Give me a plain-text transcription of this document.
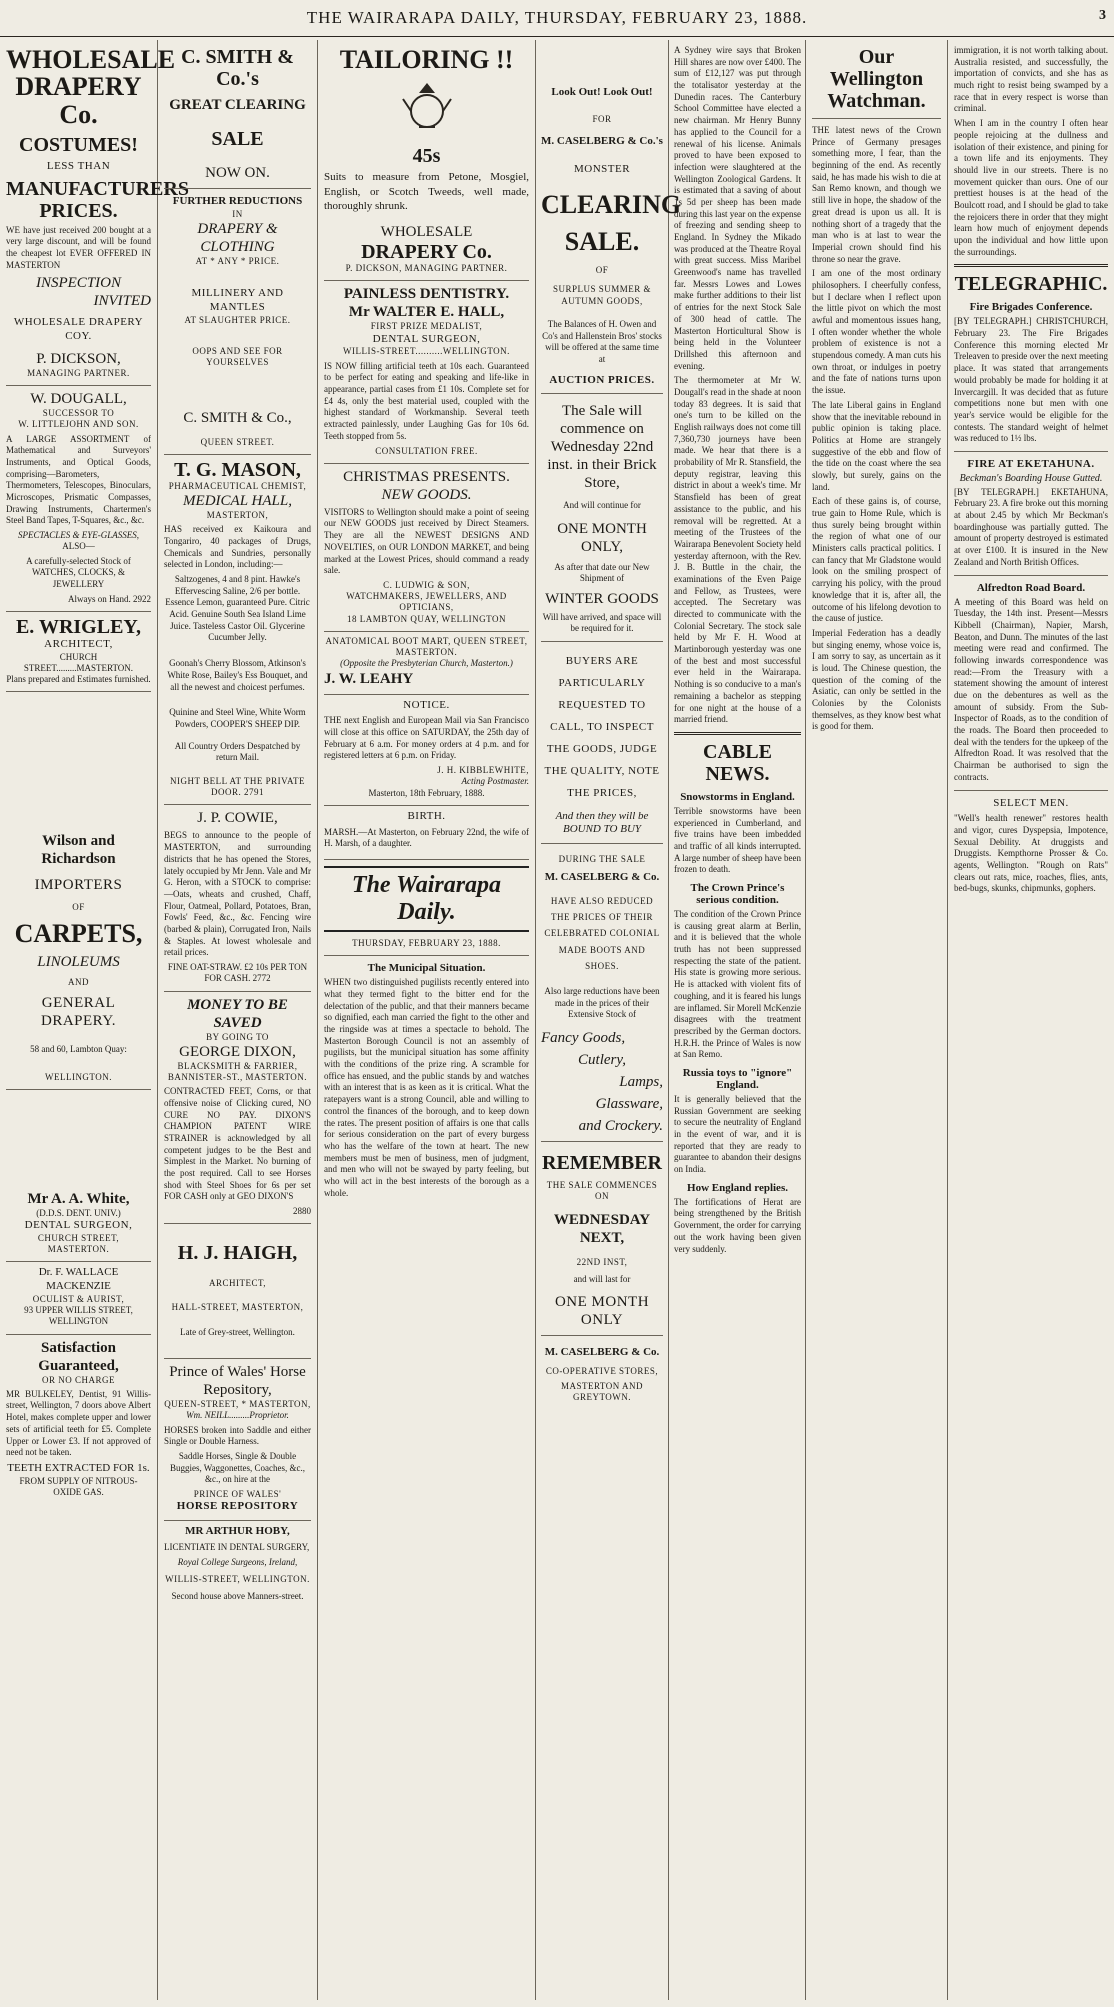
THE WAIRARAPA DAILY, THURSDAY, FEBRUARY 23, 1888.	3
WHOLESALE DRAPERY Co.
COSTUMES!
LESS THAN
MANUFACTURERS PRICES.
WE have just received 200 bought at a very large discount, and will be found the cheapest lot EVER OFFERED IN MASTERTON
INSPECTION
INVITED
WHOLESALE DRAPERY COY.
P. DICKSON,
MANAGING PARTNER.
W. DOUGALL,
SUCCESSOR TO
W. LITTLEJOHN AND SON.
A LARGE ASSORTMENT of Mathematical and Surveyors' Instruments, and Optical Goods, comprising—Barometers, Thermometers, Telescopes, Binoculars, Microscopes, Prismatic Compasses, Drawing Instruments, Chartermen's Steel Band Tapes, T-Squares, &c., &c.
SPECTACLES & EYE-GLASSES,
ALSO—
A carefully-selected Stock of WATCHES, CLOCKS, & JEWELLERY
Always on Hand. 2922
E. WRIGLEY,
ARCHITECT,
CHURCH STREET.........MASTERTON.
Plans prepared and Estimates furnished.
Wilson and Richardson
IMPORTERS
OF
CARPETS,
LINOLEUMS
AND
GENERAL DRAPERY.
58 and 60, Lambton Quay:
WELLINGTON.
Mr A. A. White,
(D.D.S. DENT. UNIV.)
DENTAL SURGEON,
CHURCH STREET, MASTERTON.
Dr. F. WALLACE MACKENZIE
OCULIST & AURIST,
93 UPPER WILLIS STREET, WELLINGTON
Satisfaction Guaranteed,
OR NO CHARGE
MR BULKELEY, Dentist, 91 Willis-street, Wellington, 7 doors above Albert Hotel, makes complete upper and lower sets of artificial teeth for £5. Complete Upper or Lower £3. If not approved of need not be taken.
TEETH EXTRACTED FOR 1s.
FROM SUPPLY OF NITROUS-OXIDE GAS.
C. SMITH & Co.'s
GREAT CLEARING
SALE
NOW ON.
FURTHER REDUCTIONS
IN
DRAPERY & CLOTHING
AT * ANY * PRICE.
MILLINERY AND MANTLES
AT SLAUGHTER PRICE.
OOPS AND SEE FOR YOURSELVES
C. SMITH & Co.,
QUEEN STREET.
T. G. MASON,
PHARMACEUTICAL CHEMIST,
MEDICAL HALL,
MASTERTON,
HAS received ex Kaikoura and Tongariro, 40 packages of Drugs, Chemicals and Sundries, personally selected in London, including:—
Saltzogenes, 4 and 8 pint. Hawke's Effervescing Saline, 2/6 per bottle. Essence Lemon, guaranteed Pure. Citric Acid. Genuine South Sea Island Lime Juice. Tasteless Castor Oil. Glycerine Cucumber Jelly.
Goonah's Cherry Blossom, Atkinson's White Rose, Bailey's Ess Bouquet, and all the newest and choicest perfumes.
Quinine and Steel Wine, White Worm Powders, COOPER'S SHEEP DIP.
All Country Orders Despatched by return Mail.
NIGHT BELL AT THE PRIVATE DOOR. 2791
J. P. COWIE,
BEGS to announce to the people of MASTERTON, and surrounding districts that he has opened the Stores, lately occupied by Mr Jenn. Vale and Mr G. Heron, with a STOCK to comprise:—Oats, wheats and crushed, Chaff, Flour, Oatmeal, Pollard, Potatoes, Bran, Fowls' Feed, &c., &c. Fencing wire (barbed & plain), Corrugated Iron, Nails & Staples. At lowest wholesale and retail prices.
FINE OAT-STRAW. £2 10s PER TON FOR CASH. 2772
MONEY TO BE SAVED
BY GOING TO
GEORGE DIXON,
BLACKSMITH & FARRIER,
BANNISTER-ST., MASTERTON.
CONTRACTED FEET, Corns, or that offensive noise of Clicking cured, NO CURE NO PAY. DIXON'S CHAMPION PATENT WIRE STRAINER is acknowledged by all competent judges to be the Best and Simplest in the Market. No burning of the post required. Call to see Horses shod with Steel Shoes for 6s per set FOR CASH only at GEO DIXON'S
2880
H. J. HAIGH,
ARCHITECT,
HALL-STREET, MASTERTON,
Late of Grey-street, Wellington.
Prince of Wales' Horse Repository,
QUEEN-STREET, * MASTERTON,
Wm. NEILL.........Proprietor.
HORSES broken into Saddle and either Single or Double Harness.
Saddle Horses, Single & Double Buggies, Waggonettes, Coaches, &c., &c., on hire at the
PRINCE OF WALES'
HORSE REPOSITORY
MR ARTHUR HOBY,
LICENTIATE IN DENTAL SURGERY,
Royal College Surgeons, Ireland,
WILLIS-STREET, WELLINGTON.
Second house above Manners-street.
TAILORING !!
45s
Suits to measure from Petone, Mosgiel, English, or Scotch Tweeds, well made, thoroughly shrunk.
WHOLESALE
DRAPERY Co.
P. DICKSON, MANAGING PARTNER.
PAINLESS DENTISTRY.
Mr WALTER E. HALL,
FIRST PRIZE MEDALIST,
DENTAL SURGEON,
WILLIS-STREET..........WELLINGTON.
IS NOW filling artificial teeth at 10s each. Guaranteed to be perfect for eating and speaking and life-like in appearance, partial cases from £1 10s. Complete set for £4 4s, only the best material used, coupled with the highest standard of Workmanship. Several teeth extracted painlessly, under Laughing Gas for 10s 6d. Teeth stopped from 5s.
CONSULTATION FREE.
CHRISTMAS PRESENTS.
NEW GOODS.
VISITORS to Wellington should make a point of seeing our NEW GOODS just received by Direct Steamers. They are all the NEWEST DESIGNS AND NOVELTIES, on OUR LONDON MARKET, and being marked at the Lowest Prices, should command a ready sale.
C. LUDWIG & SON,
WATCHMAKERS, JEWELLERS, AND OPTICIANS,
18 LAMBTON QUAY, WELLINGTON
ANATOMICAL BOOT MART, QUEEN STREET, MASTERTON.
(Opposite the Presbyterian Church, Masterton.)
J. W. LEAHY
NOTICE.
THE next English and European Mail via San Francisco will close at this office on SATURDAY, the 25th day of February at 6 a.m. For money orders at 4 p.m. and for registered letters at 6 p.m. on Friday.
J. H. KIBBLEWHITE,
Acting Postmaster.
Masterton, 18th February, 1888.
BIRTH.
MARSH.—At Masterton, on February 22nd, the wife of H. Marsh, of a daughter.
The Wairarapa Daily.
THURSDAY, FEBRUARY 23, 1888.
The Municipal Situation.
WHEN two distinguished pugilists recently entered into what they termed fight to the bitter end for the delectation of the public, and that their manners became so dignified, each man carried the fight to the other and the ringside was at times a spectacle to behold. The Masterton Borough Council is not an assembly of pugilists, but the municipal situation has some affinity with the conditions of the prize ring. A scramble for office has ensued, and the public stands by and watches with an interest that is as keen as it is critical. What the ratepayers want is a strong Council, able and willing to control the finances of the borough, and to keep down the rates. The present position of affairs is one that calls for serious consideration on the part of every burgess who has the welfare of the town at heart. The new members must be men of business, men of judgment, and men who will not be swayed by party feeling, but who will act in the best interests of the borough as a whole.
Look Out! Look Out!
FOR
M. CASELBERG & Co.'s
MONSTER
CLEARING
SALE.
OF
SURPLUS SUMMER & AUTUMN GOODS,
The Balances of H. Owen and Co's and Hallenstein Bros' stocks will be offered at the same time at
AUCTION PRICES.
The Sale will commence on Wednesday 22nd inst. in their Brick Store,
And will continue for
ONE MONTH ONLY,
As after that date our New Shipment of
WINTER GOODS
Will have arrived, and space will be required for it.
BUYERS ARE PARTICULARLY REQUESTED TO CALL, TO INSPECT THE GOODS, JUDGE THE QUALITY, NOTE THE PRICES,
And then they will be BOUND TO BUY
DURING THE SALE
M. CASELBERG & Co.
HAVE ALSO REDUCED THE PRICES OF THEIR CELEBRATED COLONIAL MADE BOOTS AND SHOES.
Also large reductions have been made in the prices of their Extensive Stock of
Fancy Goods,
Cutlery,
Lamps,
Glassware,
and Crockery.
REMEMBER
THE SALE COMMENCES ON
WEDNESDAY NEXT,
22ND INST,
and will last for
ONE MONTH ONLY
M. CASELBERG & Co.
CO-OPERATIVE STORES,
MASTERTON AND GREYTOWN.
A Sydney wire says that Broken Hill shares are now over £400. The sum of £12,127 was put through the totalisator yesterday at the Dunedin races. The Canterbury School Committee have elected a new chairman. Mr Henry Bunny has applied to the Council for a renewal of his license. Animals proved to have been exposed to infection were slaughtered at the Wellington Zoological Gardens. It is estimated that a saving of about 1s 5d per sheep has been made during this last year on the expense of freezing and sending sheep to England. In Sydney the Mikado was produced at the Theatre Royal with great success. Miss Maribel Greenwood's name has travelled far. Messrs Lowes and Lowes make further additions to their list of entries for the next Stock Sale of 300 head of cattle. The Masterton Horticultural Show is being held in the Volunteer Drillshed this afternoon and evening.
The thermometer at Mr W. Dougall's read in the shade at noon today 83 degrees. It is said that one's turn to be killed on the English railways does not come till 7,360,730 journeys have been made. We hear that there is a probability of Mr R. Stansfield, the deputy registrar, leaving this district in about a week's time. Mr Stansfield has been of great assistance to the public, and his removal will be regretted. At a meeting of the Trustees of the Wairarapa Benevolent Society held yesterday afternoon, with the Rev. J. B. Buttle in the chair, the examinations of the Even Paige and Fellow, as Trustees, were accepted. The Secretary was directed to communicate with the Colonial Secretary. The stock sale held by Mr F. H. Wood at Martinborough yesterday was one of the best and most successful ever held in the Wairarapa. Nothing is so conducive to a man's remaining a bachelor as stepping for one night at the house of a married friend.
CABLE NEWS.
Snowstorms in England.
Terrible snowstorms have been experienced in Cumberland, and five trains have been imbedded and traffic of all kinds interrupted. A large number of sheep have been frozen to death.
The Crown Prince's serious condition.
The condition of the Crown Prince is causing great alarm at Berlin, and it is believed that the whole truth has not been suppressed respecting the state of the patient. His state is growing more serious. He is attacked with violent fits of coughing, and it is feared his lungs are inflamed. Sir Morell McKenzie disagrees with the treatment prescribed by the German doctors. H.R.H. the Prince of Wales is now at San Remo.
Russia toys to "ignore" England.
It is generally believed that the Russian Government are seeking to secure the neutrality of England in the event of war, and it is reported that they are ready to guarantee to abandon their designs on India.
How England replies.
The fortifications of Herat are being strengthened by the British Government, the order for carrying out the work having been given very suddenly.
Our Wellington Watchman.
THE latest news of the Crown Prince of Germany presages something more, I fear, than the beginning of the end. As recently said, he has made his wish to die at San Remo known, and though we still live in hope, the shadow of the great dread is upon us all. It is nothing short of a tragedy that the man who is at last to wear the Imperial crown should find his throne so near the grave.
I am one of the most ordinary philosophers. I cheerfully confess, but I declare when I reflect upon the little pivot on which the most awful and momentous issues hang, I often wonder whether the whole problem of existence is not a stupendous comedy. A man cuts his own throat, or indulges in poetry and the fate of nations turns upon the issue.
The late Liberal gains in England show that the inevitable rebound in public opinion is taking place. Politics at Home are strangely suggestive of the ebb and flow of the tide on the coast where the sea slowly, but surely, gains on the land.
Each of these gains is, of course, true gain to Home Rule, which is thus surely being brought within the region of what one of our Ministers calls practical politics. I can fancy that Mr Gladstone would look on the smiling prospect of carrying his policy, with the proud knowledge that it is, after all, the outcome of his lifelong devotion to the cause of justice.
Imperial Federation has a deadly but singing enemy, whose voice is, I am sorry to say, as uncertain as it is loud. The Chinese question, the question of the coming of the Asiatic, can only be settled in the Colonies by the Colonists themselves, as they know best what is good for them.
immigration, it is not worth talking about. Australia resisted, and successfully, the importation of convicts, and she has as much right to resist being swamped by a race that in every respect is worse than criminal.
When I am in the country I often hear people rejoicing at the dullness and isolation of their existence, and pining for a town life and its enjoyments. They should live in our streets. There is no movement quicker than ours. One of our prettiest houses is at the head of the Boulcott road, and I should be glad to take the rejoicers there in order that they might learn how much of enjoyment depends upon the individual and how little upon the surroundings.
TELEGRAPHIC.
Fire Brigades Conference.
[BY TELEGRAPH.] CHRISTCHURCH, February 23. The Fire Brigades Conference this morning elected Mr Treleaven to preside over the next meeting place. It was stated that arrangements would probably be made for holding it at Invercargill. It was decided that as future competitions none but men with one year's service would be eligible for the contests. The standard weight of helmet was reduced to 1½ lbs.
FIRE AT EKETAHUNA.
Beckman's Boarding House Gutted.
[BY TELEGRAPH.] EKETAHUNA, February 23. A fire broke out this morning at about 2.45 by which Mr Beckman's boardinghouse was partially gutted. The amount of property destroyed is estimated at over £100. It is insured in the New Zealand and North British Offices.
Alfredton Road Board.
A meeting of this Board was held on Tuesday, the 14th inst. Present—Messrs Kibbell (Chairman), Napier, Marsh, Beaton, and Dunn. The minutes of the last meeting were read and confirmed. The following inwards correspondence was read:—From the Treasury with a statement showing the amount of interest due on the debentures as well as the amount of subsidy. From the Sub-Inspector of Roads, as to the condition of the roads. The Board then proceeded to deal with the tenders for the upkeep of the Alfredton Road. It was resolved that the Chairman be authorised to sign the contracts.
SELECT MEN.
"Well's health renewer" restores health and vigor, cures Dyspepsia, Impotence, Sexual Debility. At druggists and Druggists. Kempthorne Prosser & Co. agents, Wellington. "Rough on Rats" clears out rats, mice, roaches, flies, ants, bed-bugs, skunks, chipmunks, gophers.
